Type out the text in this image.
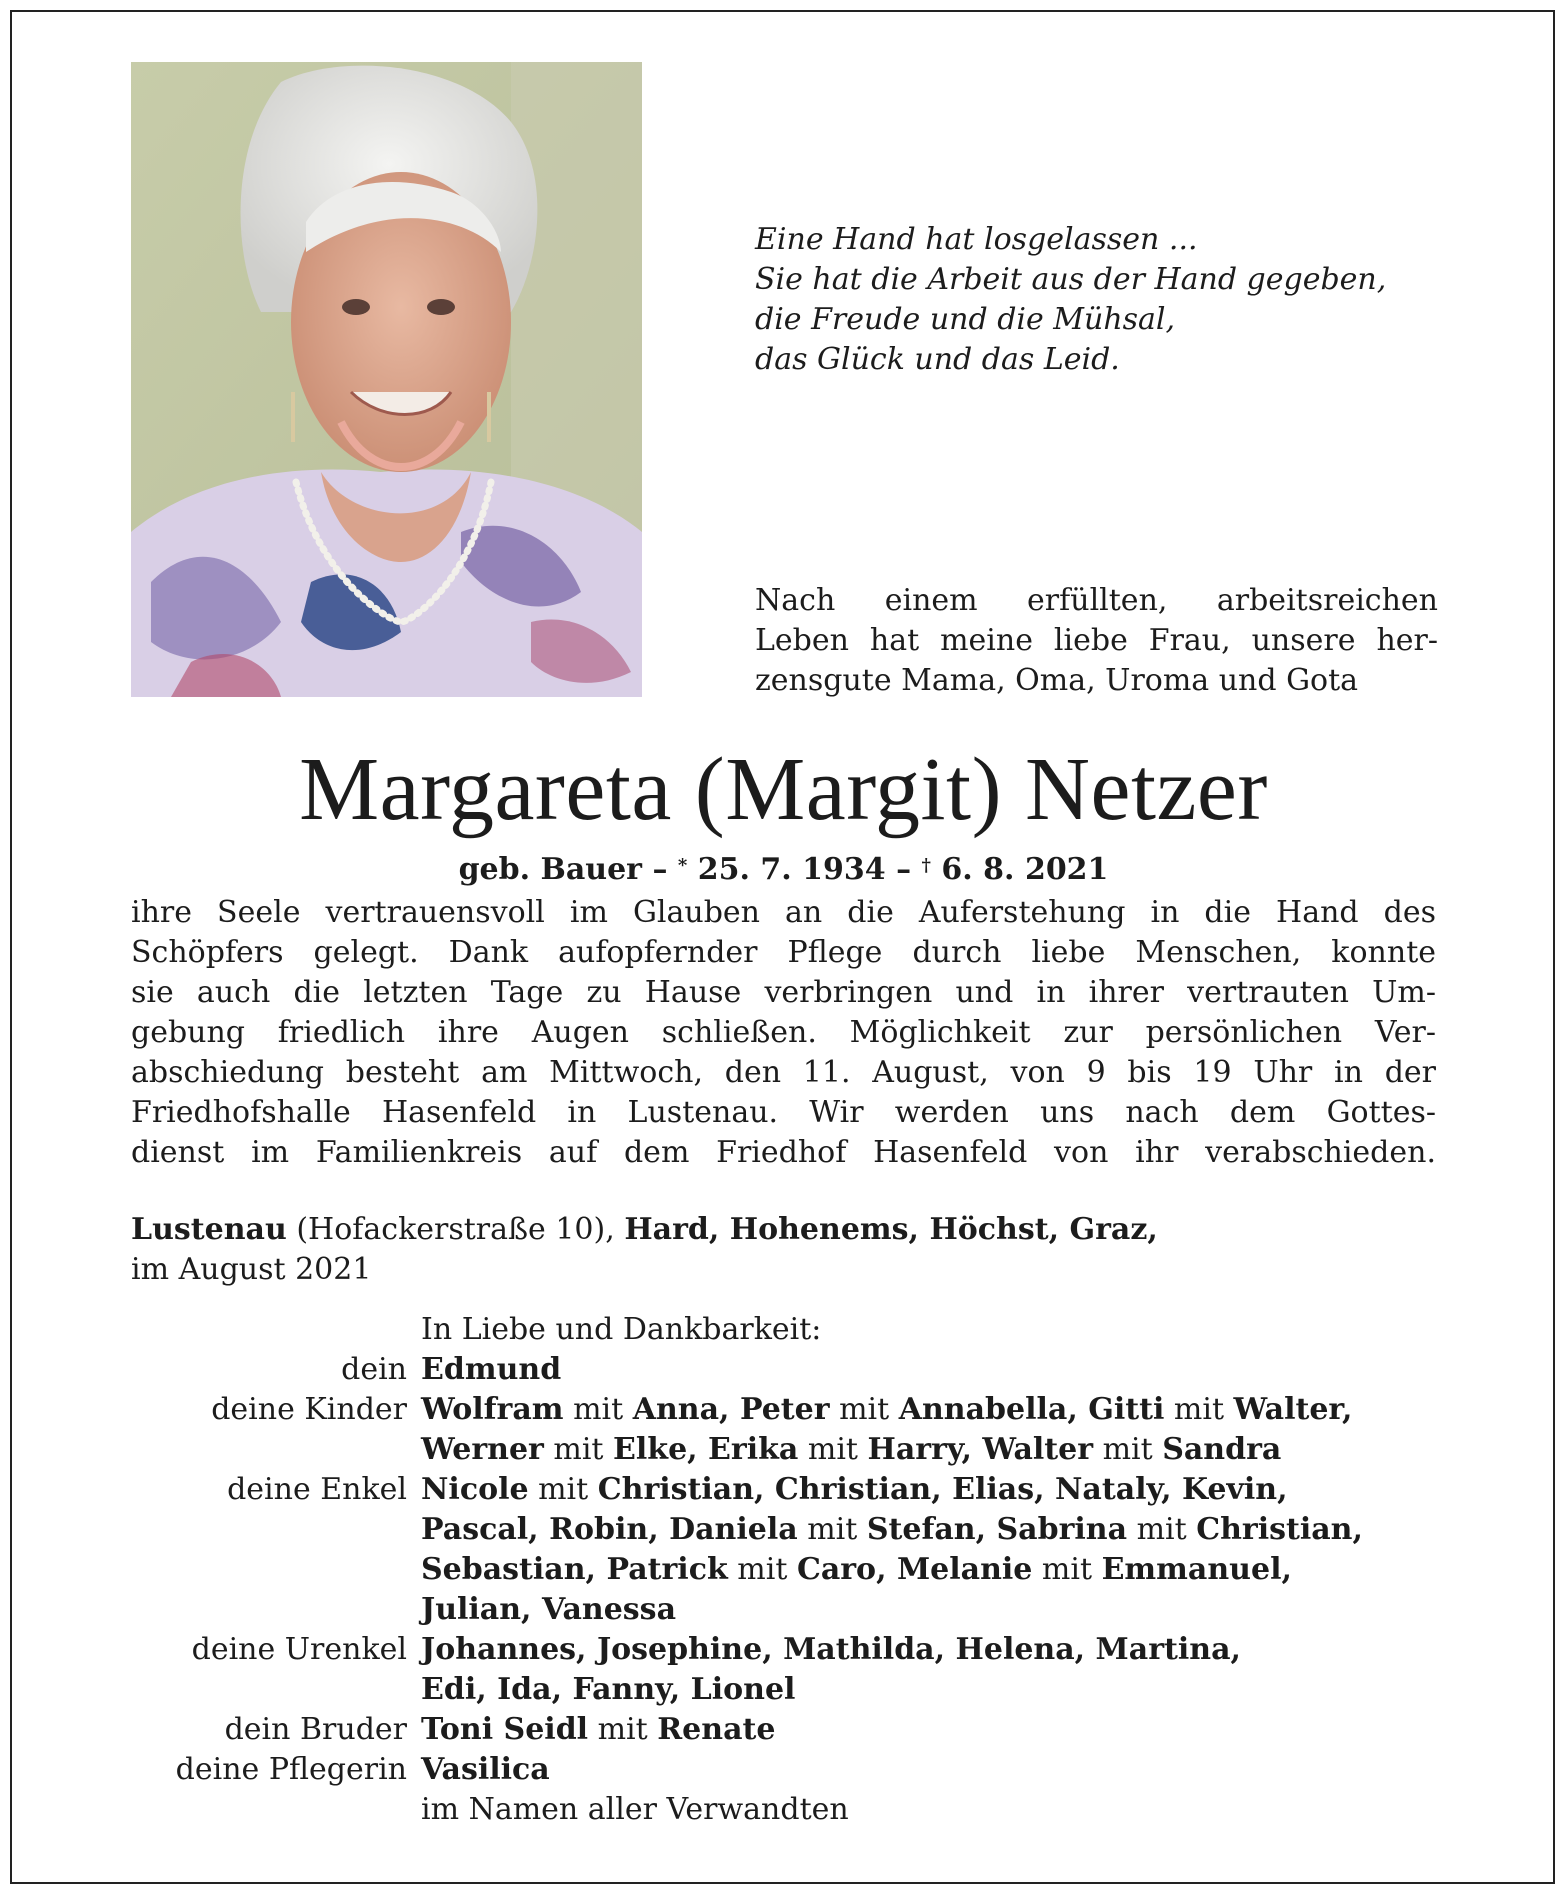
Eine Hand hat losgelassen ...
Sie hat die Arbeit aus der Hand gegeben,
die Freude und die Mühsal,
das Glück und das Leid.
Nach einem erfüllten, arbeitsreichen
Leben hat meine liebe Frau, unsere her-
zensgute Mama, Oma, Uroma und Gota
Margareta (Margit) Netzer
geb. Bauer – * 25. 7. 1934 – † 6. 8. 2021
ihre Seele vertrauensvoll im Glauben an die Auferstehung in die Hand des
Schöpfers gelegt. Dank aufopfernder Pflege durch liebe Menschen, konnte
sie auch die letzten Tage zu Hause verbringen und in ihrer vertrauten Um-
gebung friedlich ihre Augen schließen. Möglichkeit zur persönlichen Ver-
abschiedung besteht am Mittwoch, den 11. August, von 9 bis 19 Uhr in der
Friedhofshalle Hasenfeld in Lustenau. Wir werden uns nach dem Gottes-
dienst im Familienkreis auf dem Friedhof Hasenfeld von ihr verabschieden.
Lustenau (Hofackerstraße 10), Hard, Hohenems, Höchst, Graz,
im August 2021
In Liebe und Dankbarkeit:
dein Edmund
deine Kinder Wolfram mit Anna, Peter mit Annabella, Gitti mit Walter,
Werner mit Elke, Erika mit Harry, Walter mit Sandra
deine Enkel Nicole mit Christian, Christian, Elias, Nataly, Kevin,
Pascal, Robin, Daniela mit Stefan, Sabrina mit Christian,
Sebastian, Patrick mit Caro, Melanie mit Emmanuel,
Julian, Vanessa
deine Urenkel Johannes, Josephine, Mathilda, Helena, Martina,
Edi, Ida, Fanny, Lionel
dein Bruder Toni Seidl mit Renate
deine Pflegerin Vasilica
im Namen aller Verwandten
